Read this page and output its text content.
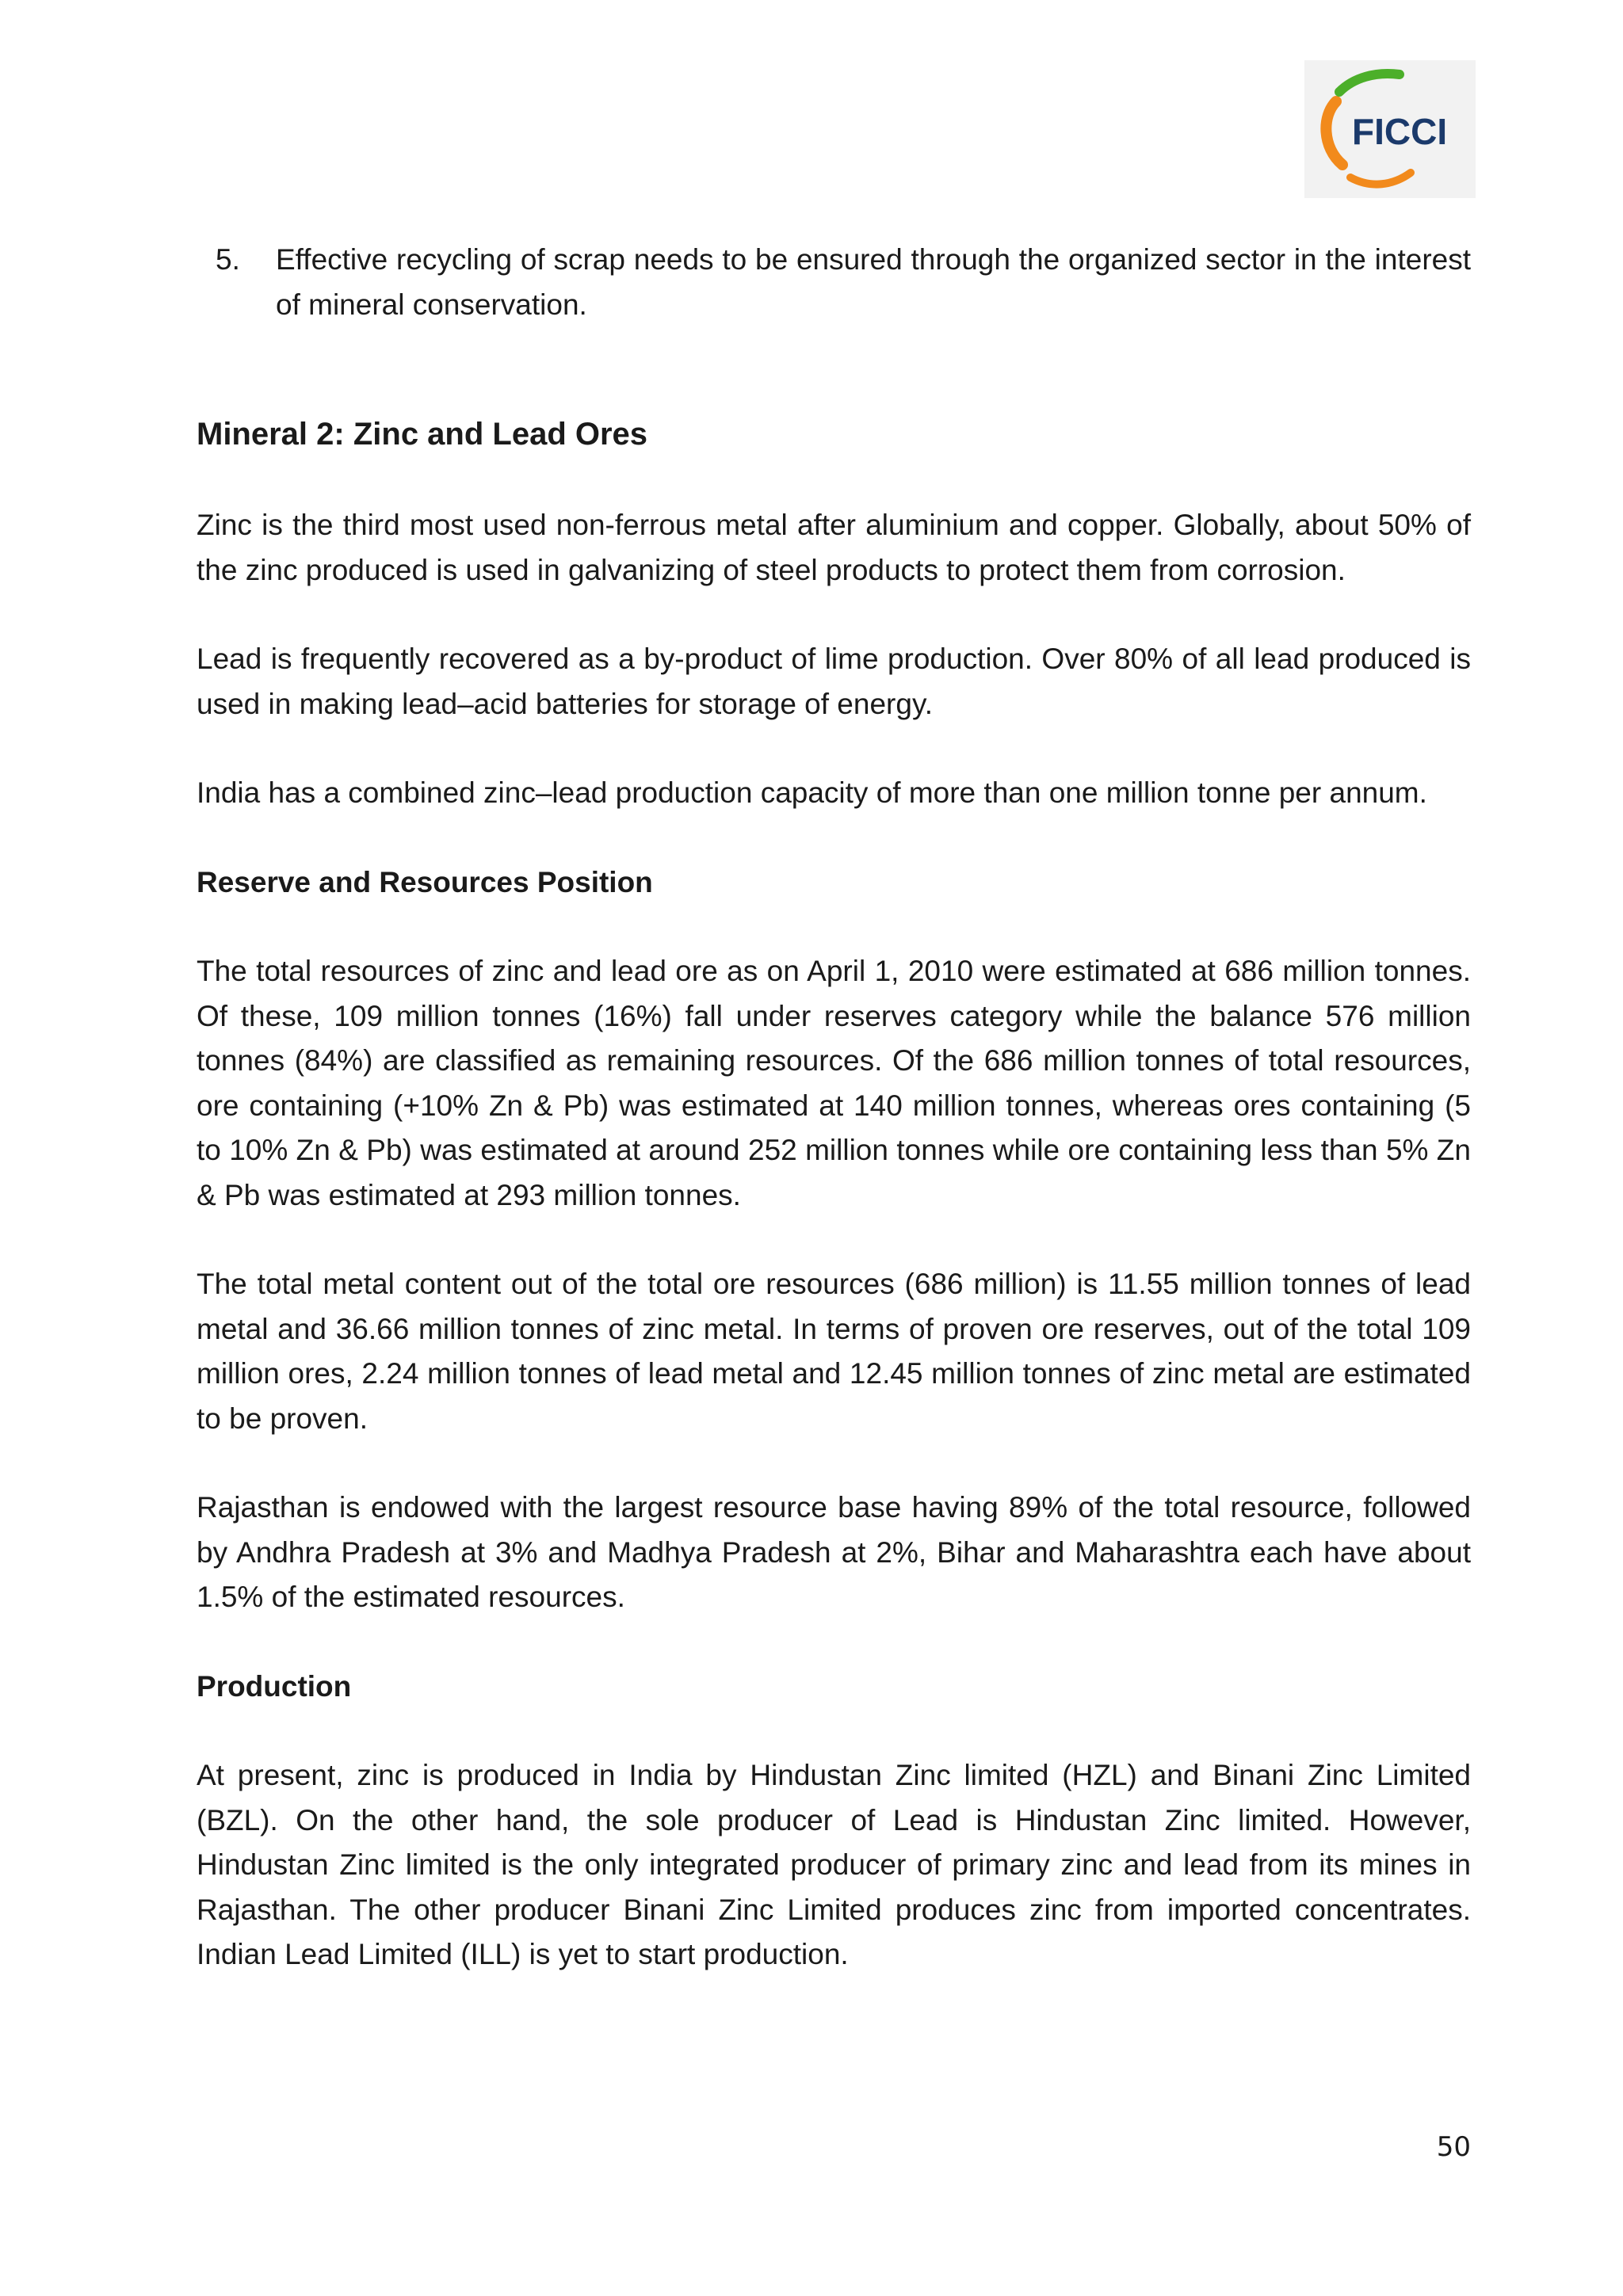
FICCI
5. Effective recycling of scrap needs to be ensured through the organized sector in the interest of mineral conservation.
Mineral 2: Zinc and Lead Ores

Zinc is the third most used non-ferrous metal after aluminium and copper. Globally, about 50% of the zinc produced is used in galvanizing of steel products to protect them from corrosion.

Lead is frequently recovered as a by-product of lime production. Over 80% of all lead produced is used in making lead–acid batteries for storage of energy.

India has a combined zinc–lead production capacity of more than one million tonne per annum.

Reserve and Resources Position

The total resources of zinc and lead ore as on April 1, 2010 were estimated at 686 million tonnes. Of these, 109 million tonnes (16%) fall under reserves category while the balance 576 million tonnes (84%) are classified as remaining resources. Of the 686 million tonnes of total resources, ore containing (+10% Zn & Pb) was estimated at 140 million tonnes, whereas ores containing (5 to 10% Zn & Pb) was estimated at around 252 million tonnes while ore containing less than 5% Zn & Pb was estimated at 293 million tonnes.

The total metal content out of the total ore resources (686 million) is 11.55 million tonnes of lead metal and 36.66 million tonnes of zinc metal. In terms of proven ore reserves, out of the total 109 million ores, 2.24 million tonnes of lead metal and 12.45 million tonnes of zinc metal are estimated to be proven.

Rajasthan is endowed with the largest resource base having 89% of the total resource, followed by Andhra Pradesh at 3% and Madhya Pradesh at 2%, Bihar and Maharashtra each have about 1.5% of the estimated resources.

Production

At present, zinc is produced in India by Hindustan Zinc limited (HZL) and Binani Zinc Limited (BZL). On the other hand, the sole producer of Lead is Hindustan Zinc limited. However, Hindustan Zinc limited is the only integrated producer of primary zinc and lead from its mines in Rajasthan. The other producer Binani Zinc Limited produces zinc from imported concentrates. Indian Lead Limited (ILL) is yet to start production.

50
